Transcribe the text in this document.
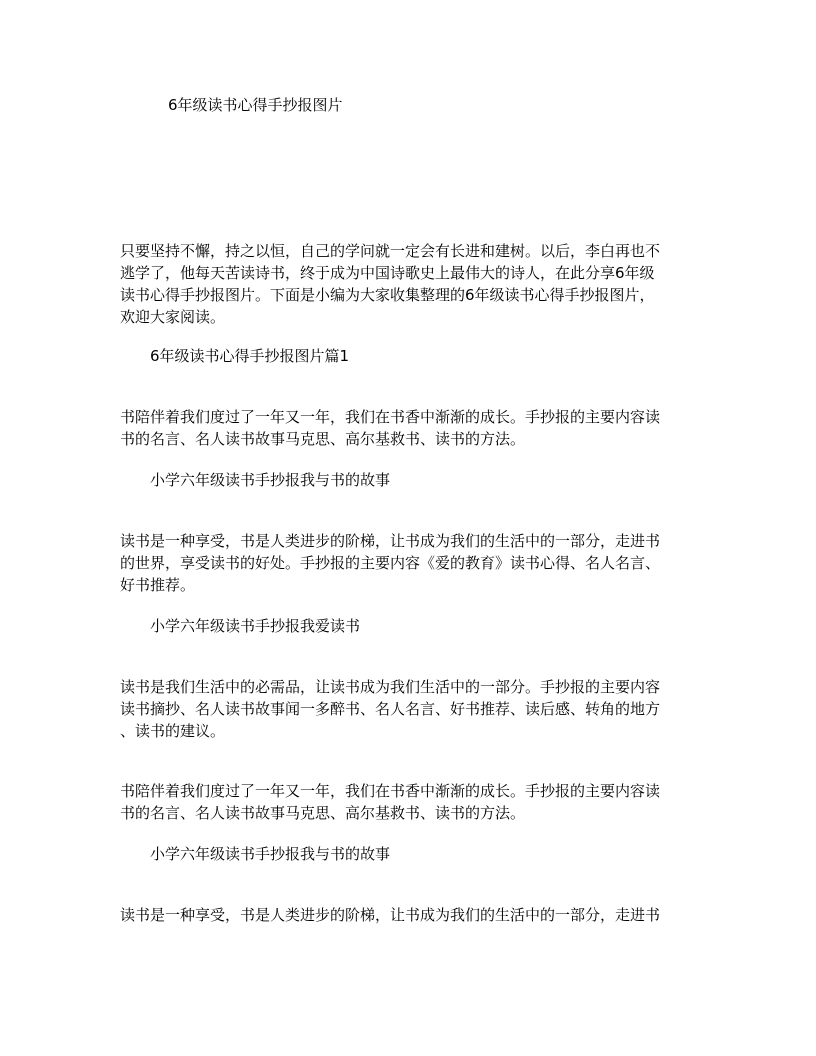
6年级读书心得手抄报图片
只要坚持不懈，持之以恒，自己的学问就一定会有长进和建树。以后，李白再也不
逃学了，他每天苦读诗书，终于成为中国诗歌史上最伟大的诗人，在此分享6年级
读书心得手抄报图片。下面是小编为大家收集整理的6年级读书心得手抄报图片，
欢迎大家阅读。
6年级读书心得手抄报图片篇1
书陪伴着我们度过了一年又一年，我们在书香中渐渐的成长。手抄报的主要内容读
书的名言、名人读书故事马克思、高尔基救书、读书的方法。
小学六年级读书手抄报我与书的故事
读书是一种享受，书是人类进步的阶梯，让书成为我们的生活中的一部分，走进书
的世界，享受读书的好处。手抄报的主要内容《爱的教育》读书心得、名人名言、
好书推荐。
小学六年级读书手抄报我爱读书
读书是我们生活中的必需品，让读书成为我们生活中的一部分。手抄报的主要内容
读书摘抄、名人读书故事闻一多醉书、名人名言、好书推荐、读后感、转角的地方
、读书的建议。
书陪伴着我们度过了一年又一年，我们在书香中渐渐的成长。手抄报的主要内容读
书的名言、名人读书故事马克思、高尔基救书、读书的方法。
小学六年级读书手抄报我与书的故事
读书是一种享受，书是人类进步的阶梯，让书成为我们的生活中的一部分，走进书
